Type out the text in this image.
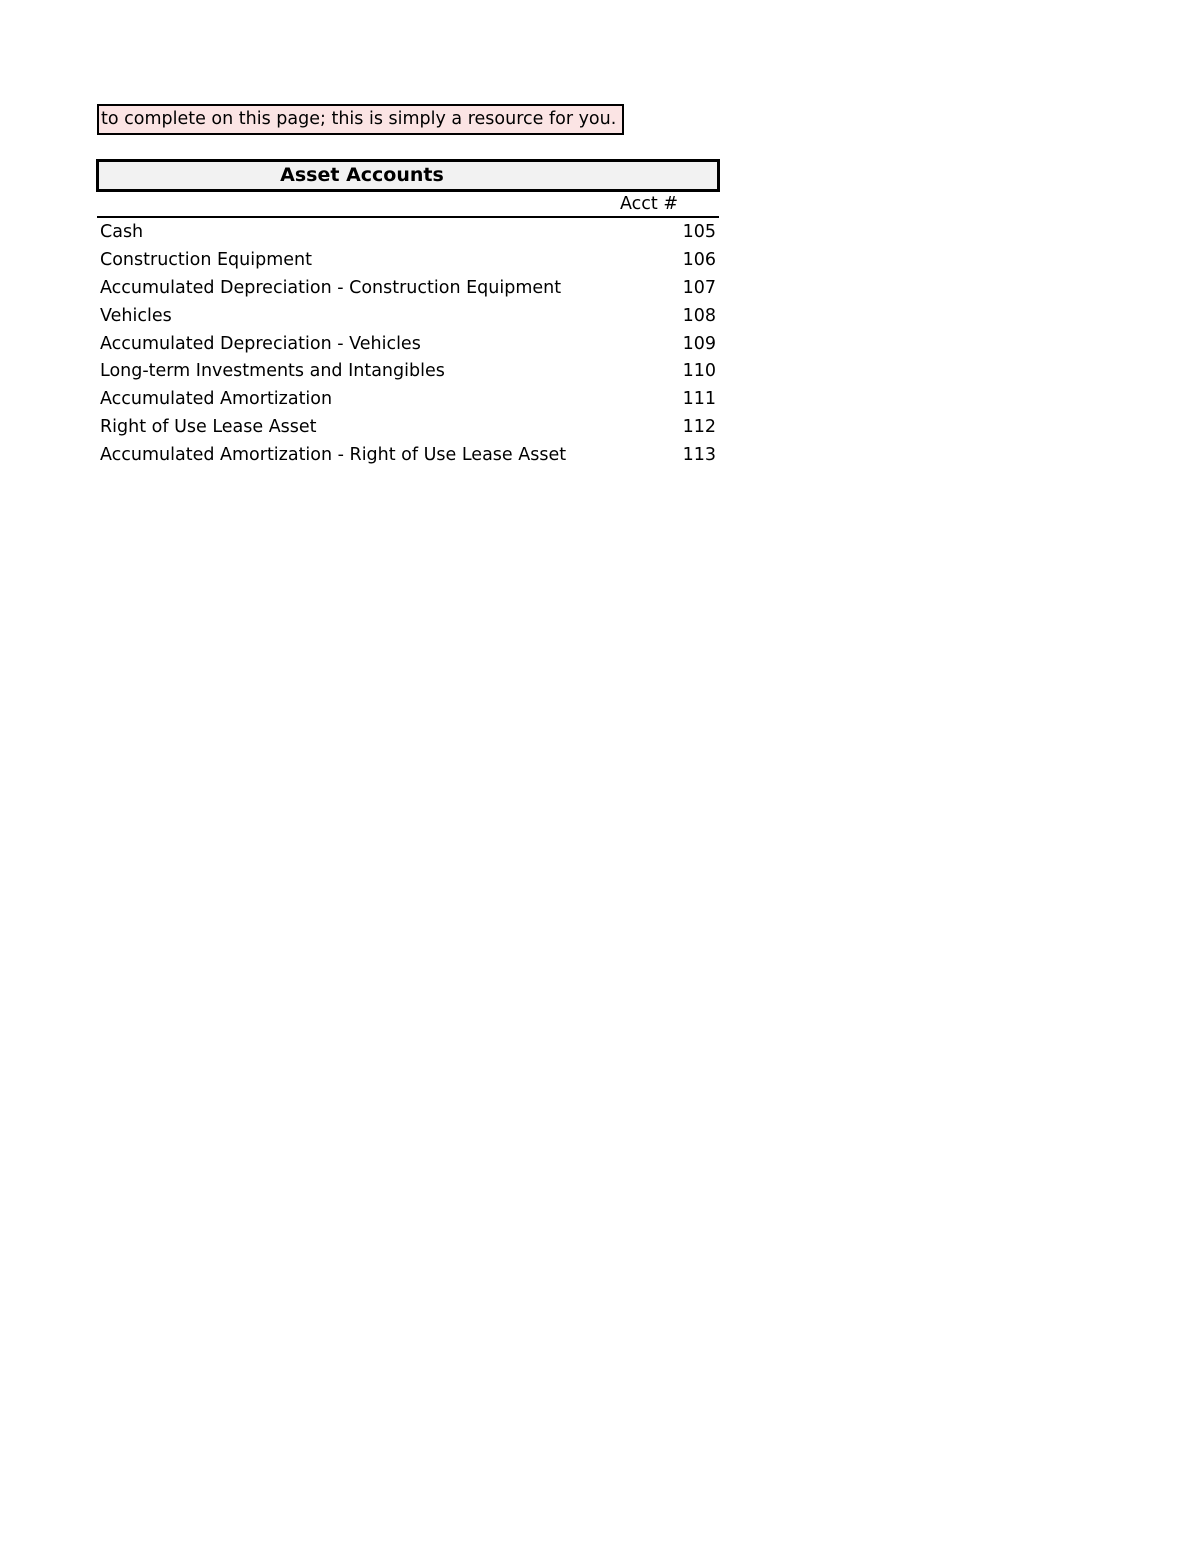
to complete on this page; this is simply a resource for you.
Asset Accounts
Acct #
Cash	105
Construction Equipment	106
Accumulated Depreciation - Construction Equipment	107
Vehicles	108
Accumulated Depreciation - Vehicles	109
Long-term Investments and Intangibles	110
Accumulated Amortization	111
Right of Use Lease Asset	112
Accumulated Amortization - Right of Use Lease Asset	113
